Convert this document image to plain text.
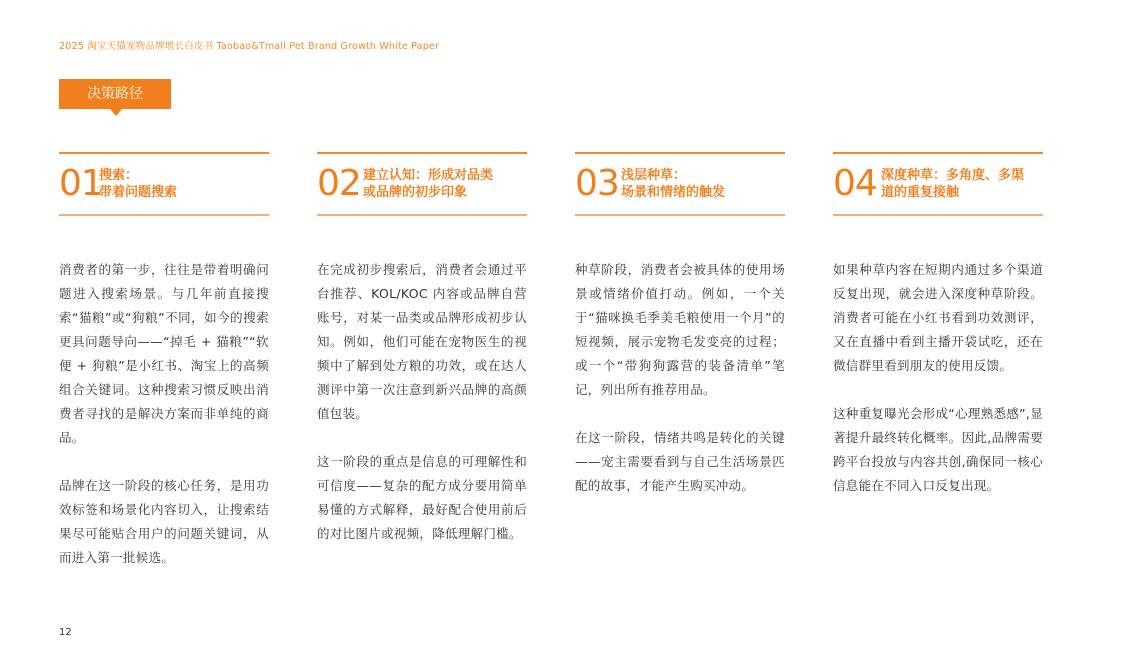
2025 淘宝天猫宠物品牌增长白皮书 Taobao&Tmall Pet Brand Growth White Paper
决策路径
01
搜索：
带着问题搜索

消费者的第一步，往往是带着明确问题进入搜索场景。与几年前直接搜索“猫粮”或“狗粮”不同，如今的搜索更具问题导向——“掉毛 + 猫粮”“软便 + 狗粮”是小红书、淘宝上的高频组合关键词。这种搜索习惯反映出消费者寻找的是解决方案而非单纯的商品。

品牌在这一阶段的核心任务，是用功效标签和场景化内容切入，让搜索结果尽可能贴合用户的问题关键词，从而进入第一批候选。

02 建立认知：形成对品类
或品牌的初步印象

在完成初步搜索后，消费者会通过平台推荐、KOL/KOC 内容或品牌自营账号，对某一品类或品牌形成初步认知。例如，他们可能在宠物医生的视频中了解到处方粮的功效，或在达人测评中第一次注意到新兴品牌的高颜值包装。

这一阶段的重点是信息的可理解性和可信度——复杂的配方成分要用简单易懂的方式解释，最好配合使用前后的对比图片或视频，降低理解门槛。

03 浅层种草：
场景和情绪的触发

种草阶段，消费者会被具体的使用场景或情绪价值打动。例如，一个关于“猫咪换毛季美毛粮使用一个月”的短视频，展示宠物毛发变亮的过程；或一个“带狗狗露营的装备清单”笔记，列出所有推荐用品。

在这一阶段，情绪共鸣是转化的关键——宠主需要看到与自己生活场景匹配的故事，才能产生购买冲动。

04 深度种草：多角度、多渠
道的重复接触

如果种草内容在短期内通过多个渠道反复出现，就会进入深度种草阶段。消费者可能在小红书看到功效测评，又在直播中看到主播开袋试吃，还在微信群里看到朋友的使用反馈。

这种重复曝光会形成“心理熟悉感”,显著提升最终转化概率。因此,品牌需要跨平台投放与内容共创,确保同一核心信息能在不同入口反复出现。

12
